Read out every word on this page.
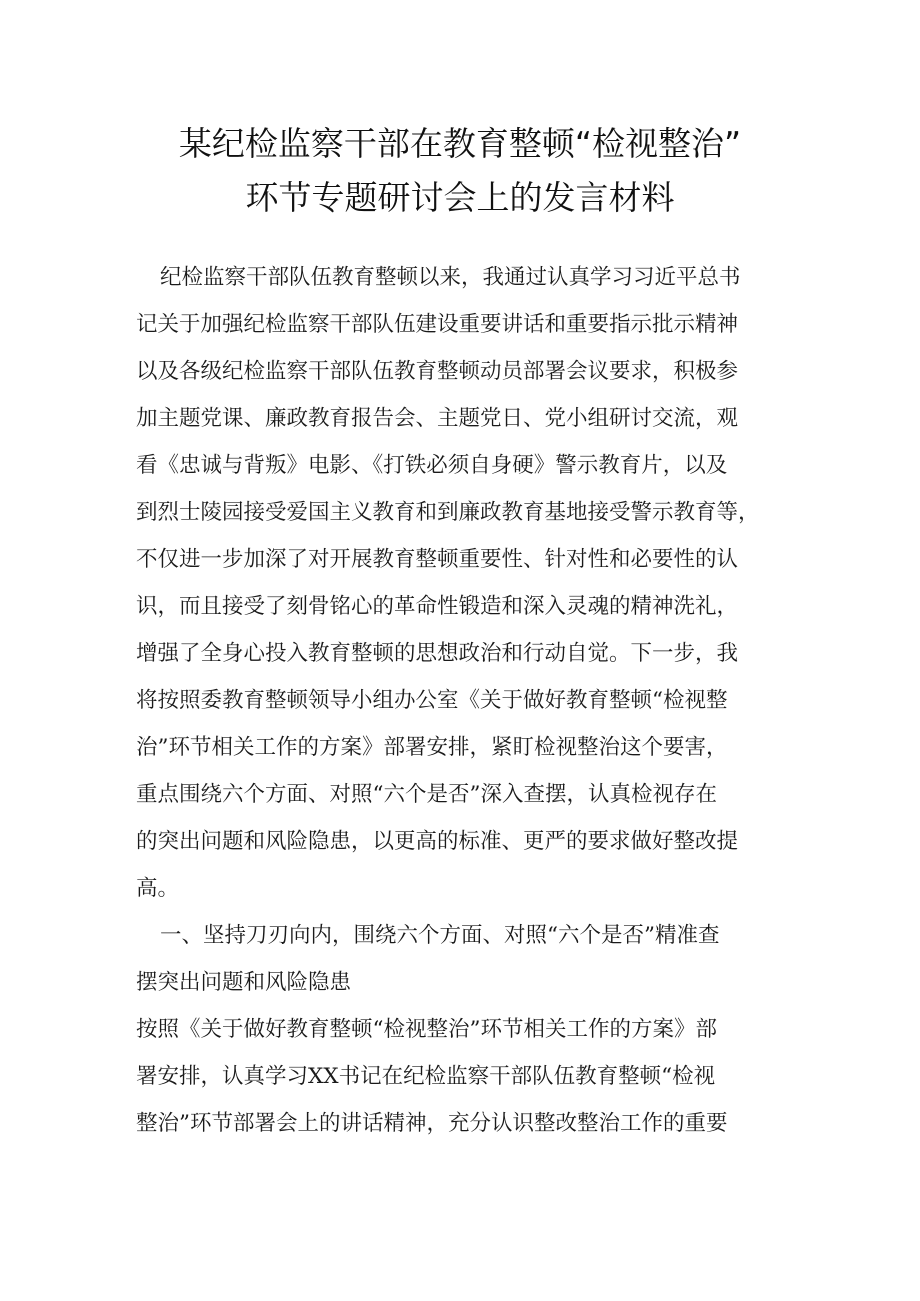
某纪检监察干部在教育整顿“检视整治”
环节专题研讨会上的发言材料
纪检监察干部队伍教育整顿以来，我通过认真学习习近平总书
记关于加强纪检监察干部队伍建设重要讲话和重要指示批示精神
以及各级纪检监察干部队伍教育整顿动员部署会议要求，积极参
加主题党课、廉政教育报告会、主题党日、党小组研讨交流，观
看《忠诚与背叛》电影、《打铁必须自身硬》警示教育片，以及
到烈士陵园接受爱国主义教育和到廉政教育基地接受警示教育等，
不仅进一步加深了对开展教育整顿重要性、针对性和必要性的认
识，而且接受了刻骨铭心的革命性锻造和深入灵魂的精神洗礼，
增强了全身心投入教育整顿的思想政治和行动自觉。下一步，我
将按照委教育整顿领导小组办公室《关于做好教育整顿“检视整
治”环节相关工作的方案》部署安排，紧盯检视整治这个要害，
重点围绕六个方面、对照“六个是否”深入查摆，认真检视存在
的突出问题和风险隐患，以更高的标准、更严的要求做好整改提
高。
一、坚持刀刃向内，围绕六个方面、对照“六个是否”精准查
摆突出问题和风险隐患
按照《关于做好教育整顿“检视整治”环节相关工作的方案》部
署安排，认真学习XX书记在纪检监察干部队伍教育整顿“检视
整治”环节部署会上的讲话精神，充分认识整改整治工作的重要
